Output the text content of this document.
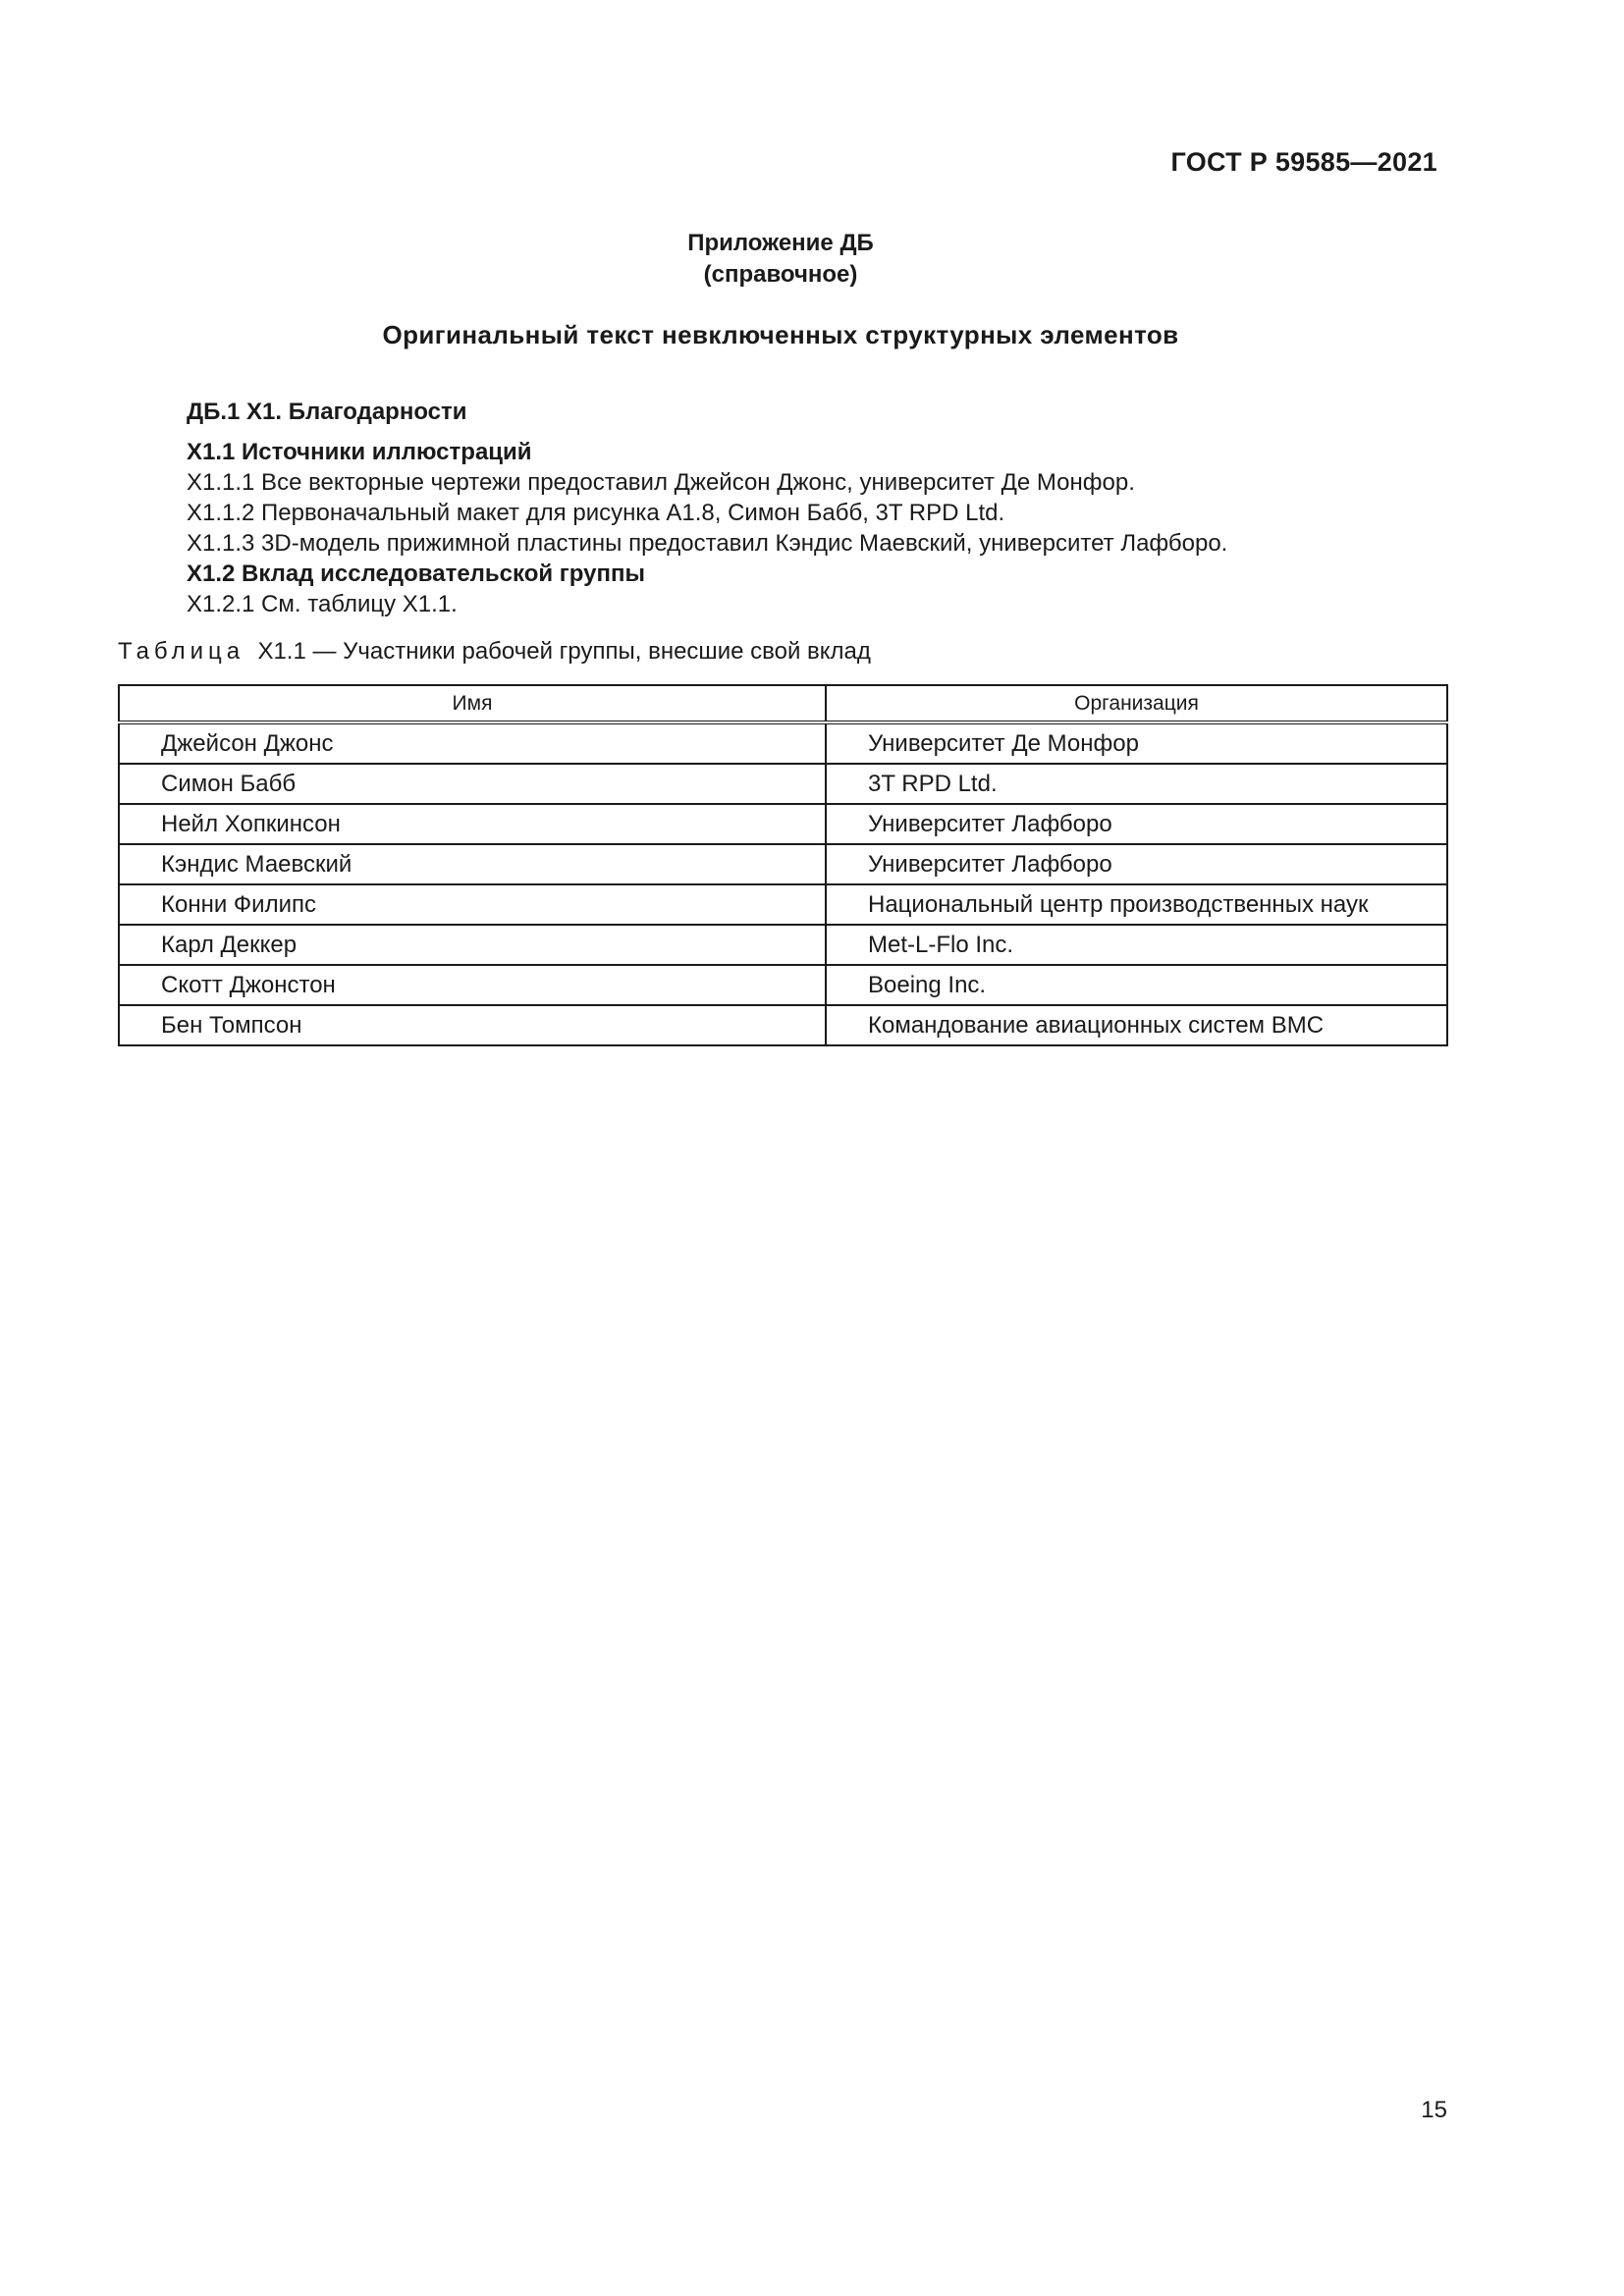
ГОСТ Р 59585—2021
Приложение ДБ
(справочное)
Оригинальный текст невключенных структурных элементов
ДБ.1 X1. Благодарности
X1.1 Источники иллюстраций
X1.1.1 Все векторные чертежи предоставил Джейсон Джонс, университет Де Монфор.
X1.1.2 Первоначальный макет для рисунка А1.8, Симон Бабб, 3T RPD Ltd.
X1.1.3 3D-модель прижимной пластины предоставил Кэндис Маевский, университет Лафборо.
X1.2 Вклад исследовательской группы
X1.2.1 См. таблицу X1.1.
Таблица X1.1 — Участники рабочей группы, внесшие свой вклад
Имя	Организация
Джейсон Джонс	Университет Де Монфор
Симон Бабб	3T RPD Ltd.
Нейл Хопкинсон	Университет Лафборо
Кэндис Маевский	Университет Лафборо
Конни Филипс	Национальный центр производственных наук
Карл Деккер	Met-L-Flo Inc.
Скотт Джонстон	Boeing Inc.
Бен Томпсон	Командование авиационных систем ВМС
15
